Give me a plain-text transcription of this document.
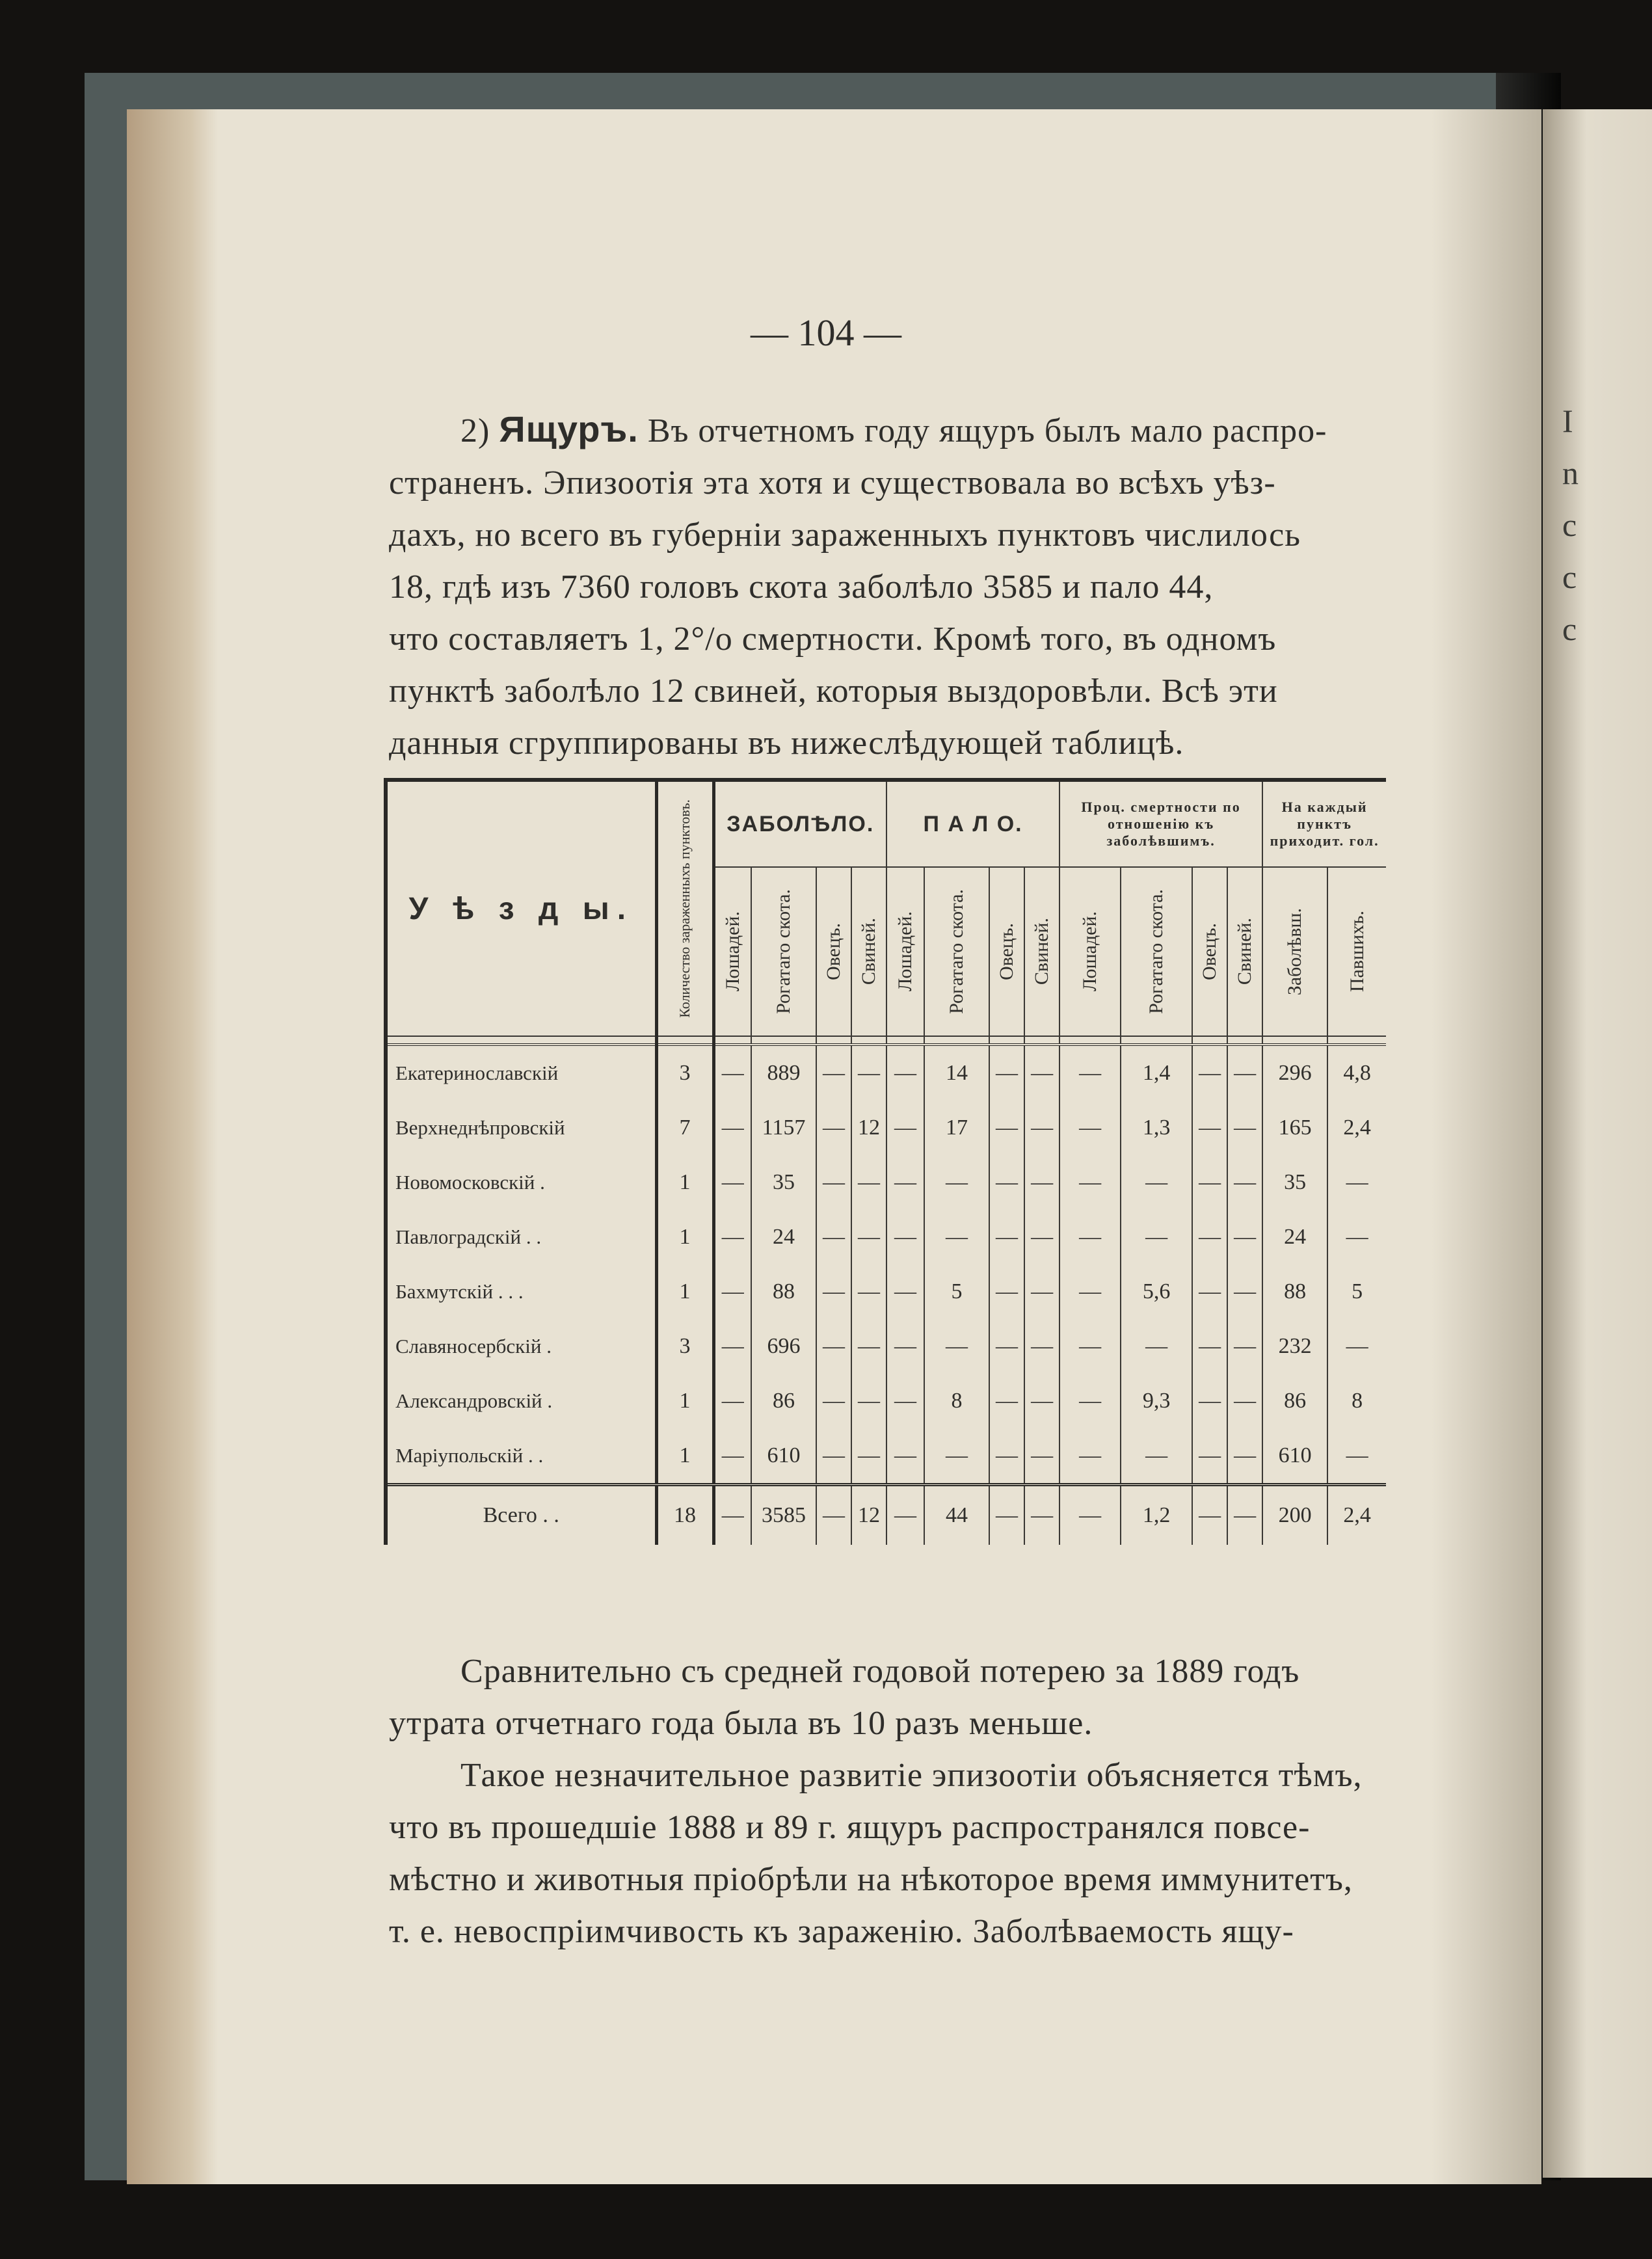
I
n
c
c
c
— 104 —
2) Ящуръ. Въ отчетномъ году ящуръ былъ мало распро-
страненъ. Эпизоотія эта хотя и существовала во всѣхъ уѣз-
дахъ, но всего въ губерніи зараженныхъ пунктовъ числилось
18, гдѣ изъ 7360 головъ скота заболѣло 3585 и пало 44,
что составляетъ 1, 2°/о смертности. Кромѣ того, въ одномъ
пунктѣ заболѣло 12 свиней, которыя выздоровѣли. Всѣ эти
данныя сгруппированы въ нижеслѣдующей таблицѣ.
У ѣ з д ы.	Количество зараженныхъ пунктовъ.	ЗАБОЛѢЛО.				П А Л О.				Проц. смертности по отношенію къ заболѣвшимъ.				На каждый пунктъ приходит. гол.	

		Лошадей.	Рогатаго скота.	Овецъ.	Свиней.	Лошадей.	Рогатаго скота.	Овецъ.	Свиней.	Лошадей.	Рогатаго скота.	Овецъ.	Свиней.	Заболѣвш.	Павшихъ.

Екатеринославскій	3	—	889	—	—	—	14	—	—	—	1,4	—	—	296	4,8
Верхнеднѣпровскій	7	—	1157	—	12	—	17	—	—	—	1,3	—	—	165	2,4
Новомосковскій .	1	—	35	—	—	—	—	—	—	—	—	—	—	35	—
Павлоградскій . .	1	—	24	—	—	—	—	—	—	—	—	—	—	24	—
Бахмутскій . . .	1	—	88	—	—	—	5	—	—	—	5,6	—	—	88	5
Славяносербскій .	3	—	696	—	—	—	—	—	—	—	—	—	—	232	—
Александровскій .	1	—	86	—	—	—	8	—	—	—	9,3	—	—	86	8
Маріупольскій . .	1	—	610	—	—	—	—	—	—	—	—	—	—	610	—
Всего . .	18	—	3585	—	12	—	44	—	—	—	1,2	—	—	200	2,4
Сравнительно съ средней годовой потерею за 1889 годъ
утрата отчетнаго года была въ 10 разъ меньше.
Такое незначительное развитіе эпизоотіи объясняется тѣмъ,
что въ прошедшіе 1888 и 89 г. ящуръ распространялся повсе-
мѣстно и животныя пріобрѣли на нѣкоторое время иммунитетъ,
т. е. невоспріимчивость къ зараженію. Заболѣваемость ящу-
